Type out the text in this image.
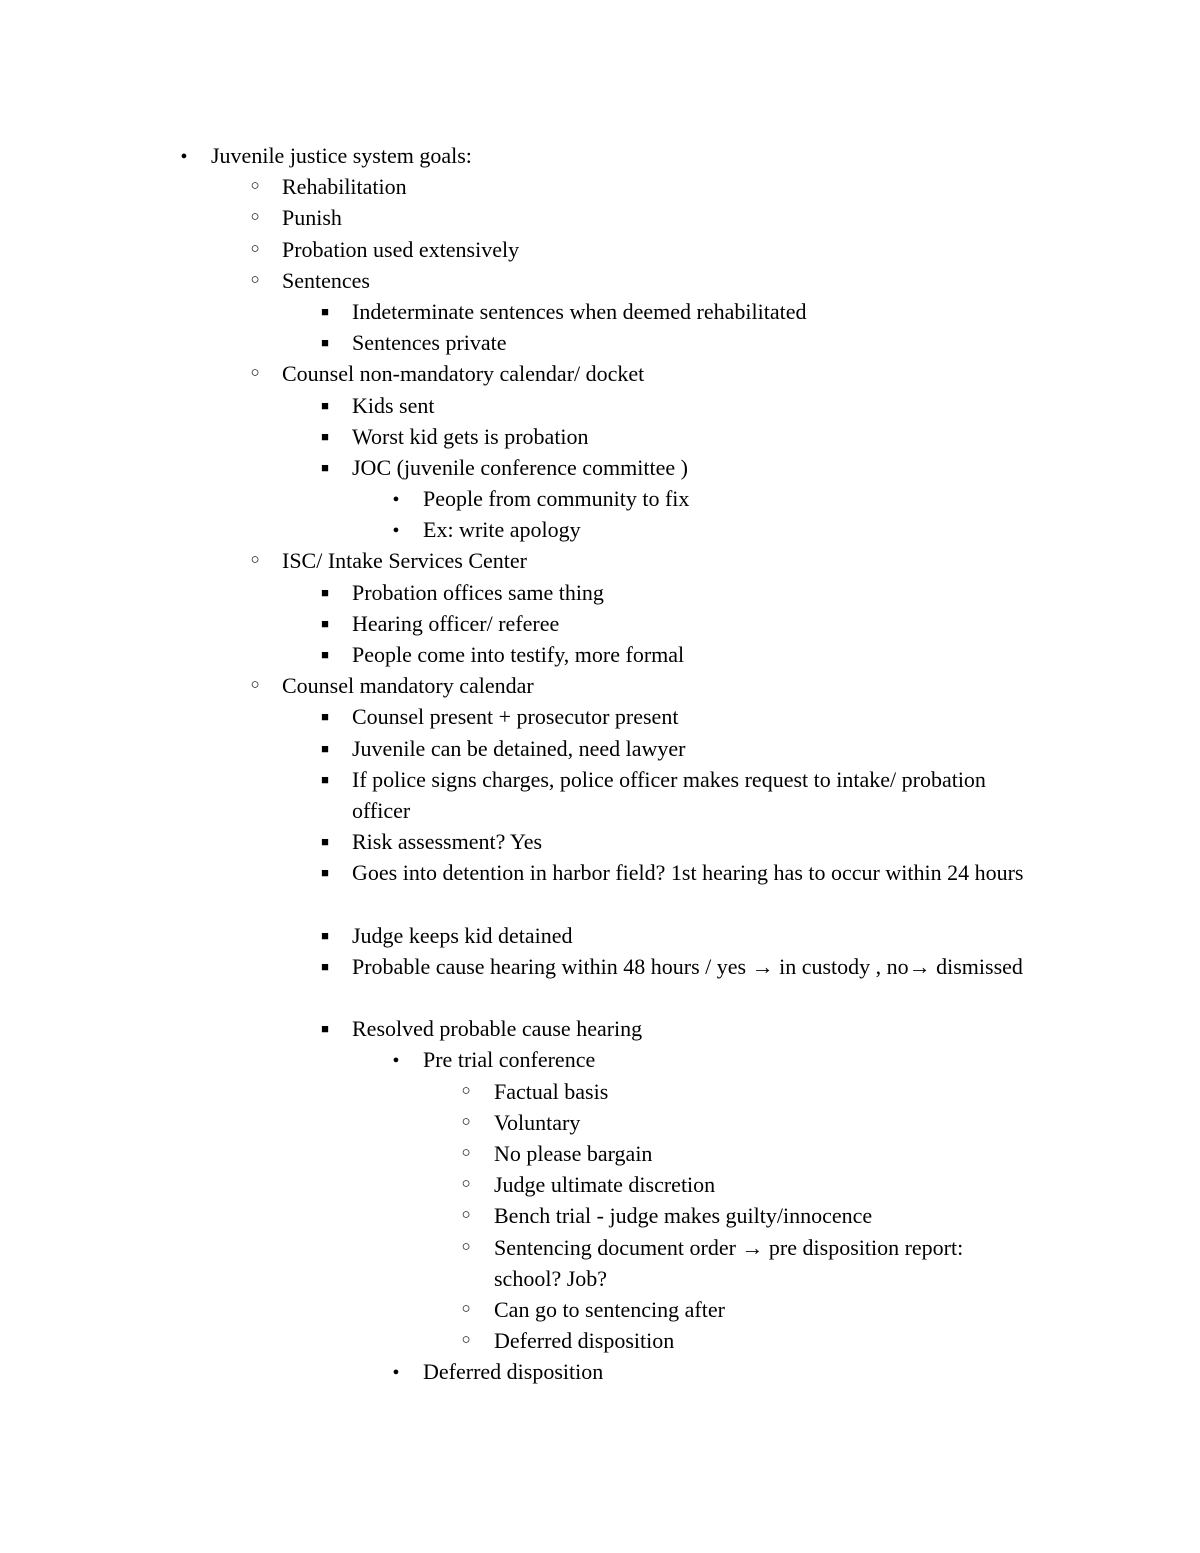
●
Juvenile justice system goals:
○
Rehabilitation
○
Punish
○
Probation used extensively
○
Sentences
■
Indeterminate sentences when deemed rehabilitated
■
Sentences private
○
Counsel non-mandatory calendar/ docket
■
Kids sent
■
Worst kid gets is probation
■
JOC (juvenile conference committee )
●
People from community to fix
●
Ex: write apology
○
ISC/ Intake Services Center
■
Probation offices same thing
■
Hearing officer/ referee
■
People come into testify, more formal
○
Counsel mandatory calendar
■
Counsel present + prosecutor present
■
Juvenile can be detained, need lawyer
■
If police signs charges, police officer makes request to intake/ probation officer
■
Risk assessment? Yes
■
Goes into detention in harbor field? 1st hearing has to occur within 24 hours
■
Judge keeps kid detained
■
Probable cause hearing within 48 hours / yes → in custody , no→ dismissed
■
Resolved probable cause hearing
●
Pre trial conference
○
Factual basis
○
Voluntary
○
No please bargain
○
Judge ultimate discretion
○
Bench trial - judge makes guilty/innocence
○
Sentencing document order → pre disposition report: school? Job?
○
Can go to sentencing after
○
Deferred disposition
●
Deferred disposition
